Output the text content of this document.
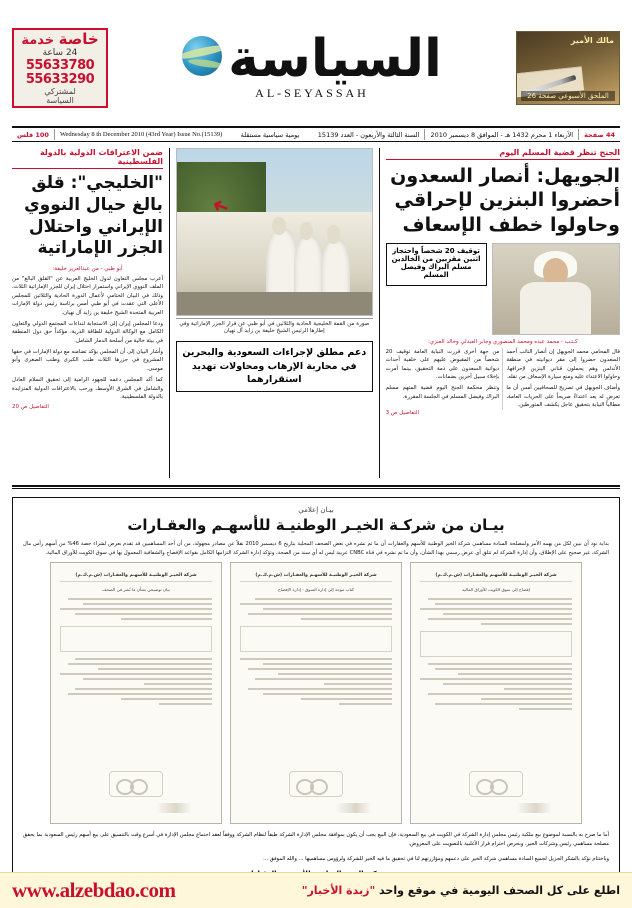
مالك الأمير
الملحق الأسبوعي صفحة 26
السياسة
AL-SEYASSAH
خاصة خدمة
24 ساعة
55633780
55633290
لمشتركي
السياسة
44 صفحة
الأربعاء 1 محرم 1432 هـ - الموافق 8 ديسمبر 2010
السنة الثالثة والأربعون - العدد 15139
يومية سياسية مستقلة
Wednesday 8 th December 2010 (43rd Year) Issue No.(15139)
100 فلس
الجنح تنظر قضية المسلم اليوم
الجويهل: أنصار السعدون أحضروا البنزين لإحراقي وحاولوا خطف الإسعاف
توقيف 20 شخصاً واحتجاز اثنين مقربين من الخالدين مسلم البراك وفيصل المسلم
كـتـب - محمد عبده ومحمد المنصوري وجابر العبدلي وخالد العنزي:

قال المحامي محمد الجويهل إن أنصار النائب أحمد السعدون حضروا إلى مقر ديوانيته في منطقة الأندلس وهم يحملون قناني البنزين لإحراقها، وحاولوا الاعتداء عليه ومنع سيارة الإسعاف من نقله.

وأضاف الجويهل في تصريح للصحافيين أمس أن ما تعرض له يعد اعتداءً صريحاً على الحريات العامة، مطالباً النيابة بتحقيق عاجل يكشف المتورطين.

من جهة أخرى قررت النيابة العامة توقيف 20 شخصاً من المقبوض عليهم على خلفية أحداث ديوانية السعدون على ذمة التحقيق، بينما أمرت بإخلاء سبيل آخرين بضمانات.

وتنظر محكمة الجنح اليوم قضية المتهم مسلم البراك وفيصل المسلم في الجلسة المقررة.

التفاصيل ص 3
➜
صورة من القمة الخليجية الحادية والثلاثين في أبو ظبي عن قرار الجزر الإماراتية وفي إطارها الرئيس الشيخ خليفة بن زايد آل نهيان
دعم مطلق لإجراءات السعودية والبحرين في محاربة الإرهاب ومحاولات تهديد استقرارهما
ضمن الاعترافات الدولية بالدولة الفلسطينية
"الخليجي": قلق بالغ حيال النووي الإيراني واحتلال الجزر الإماراتية
أبو ظبي - من عبدالعزيز خليفة:

أعرب مجلس التعاون لدول الخليج العربية عن "القلق البالغ" من الملف النووي الإيراني واستمرار احتلال إيران للجزر الإماراتية الثلاث، وذلك في البيان الختامي لأعمال الدورة الحادية والثلاثين للمجلس الأعلى التي عقدت في أبو ظبي أمس برئاسة رئيس دولة الإمارات العربية المتحدة الشيخ خليفة بن زايد آل نهيان.

ودعا المجلس إيران إلى الاستجابة لنداءات المجتمع الدولي والتعاون الكامل مع الوكالة الدولية للطاقة الذرية، مؤكداً حق دول المنطقة في بيئة خالية من أسلحة الدمار الشامل.

وأشار البيان إلى أن المجلس يؤكد تضامنه مع دولة الإمارات في حقها المشروع في جزرها الثلاث طنب الكبرى وطنب الصغرى وأبو موسى.

كما أكد المجلس دعمه للجهود الرامية إلى تحقيق السلام العادل والشامل في الشرق الأوسط، ورحب بالاعترافات الدولية المتزايدة بالدولة الفلسطينية.

التفاصيل ص 20
بيـان إعلامي
بيـان من شركـة الخيـر الوطنيـة للأسهـم والعقـارات
بداية نود أن نبين لكل من يهمه الأمر ولمصلحة السادة مساهمي شركة الخير الوطنية للأسهم والعقارات أن ما تم نشره في بعض الصحف المحلية بتاريخ 6 ديسمبر 2010 نقلاً عن مصادر مجهولة، من أن أحد المساهمين قد تقدم بعرض لشراء حصة 46% من أسهم رأس مال الشركة، غير صحيح على الإطلاق، وأن إدارة الشركة لم تتلق أي عرض رسمي بهذا الشأن، وأن ما تم نشره في قناة CNBC عربية ليس له أي سند من الصحة، وتؤكد إدارة الشركة التزامها الكامل بقواعد الإفصاح والشفافية المعمول بها في سوق الكويت للأوراق المالية.
شركة الخيـر الوطنيـة للأسهـم والعقـارات (ش.م.ك.م)
إفصاح إلى سوق الكويت للأوراق المالية
شركة الخيـر الوطنيـة للأسهـم والعقـارات (ش.م.ك.م)
كتاب موجه إلى إدارة السوق - إدارة الإفصاح
شركة الخيـر الوطنيـة للأسهـم والعقـارات (ش.م.ك.م)
بيان توضيحي بشأن ما نُشر في الصحف
أما ما صرح به بالنسبة لموضوع بيع ملكية رئيس مجلس إدارة الشركة في الكويت في بيع السعودية، فإن البيع يجب أن يكون بموافقة مجلس الإدارة الشركة طبقاً لنظام الشركة ووفقاً لعقد اجتماع مجلس الإدارة في أسرع وقت بالتنسيق على بيع أسهم رئيس السعودية بما يحقق مصلحة مساهمي رئيس وشركات الخير، وبحرص احترام قرار الأغلبية بالتصويت على المعروض.
وباختتام نؤكد بالشكر الجزيل لجميع السادة مساهمي شركة الخير على دعمهم ومؤازرتهم لنا في تحقيق ما فيه الخير للشركة ولرؤوس مساهميها ... والله الموفق ...
اطلع على كل الصحف اليومية في موقع واحد "زبدة الأخبار"
www.alzebdao.com
